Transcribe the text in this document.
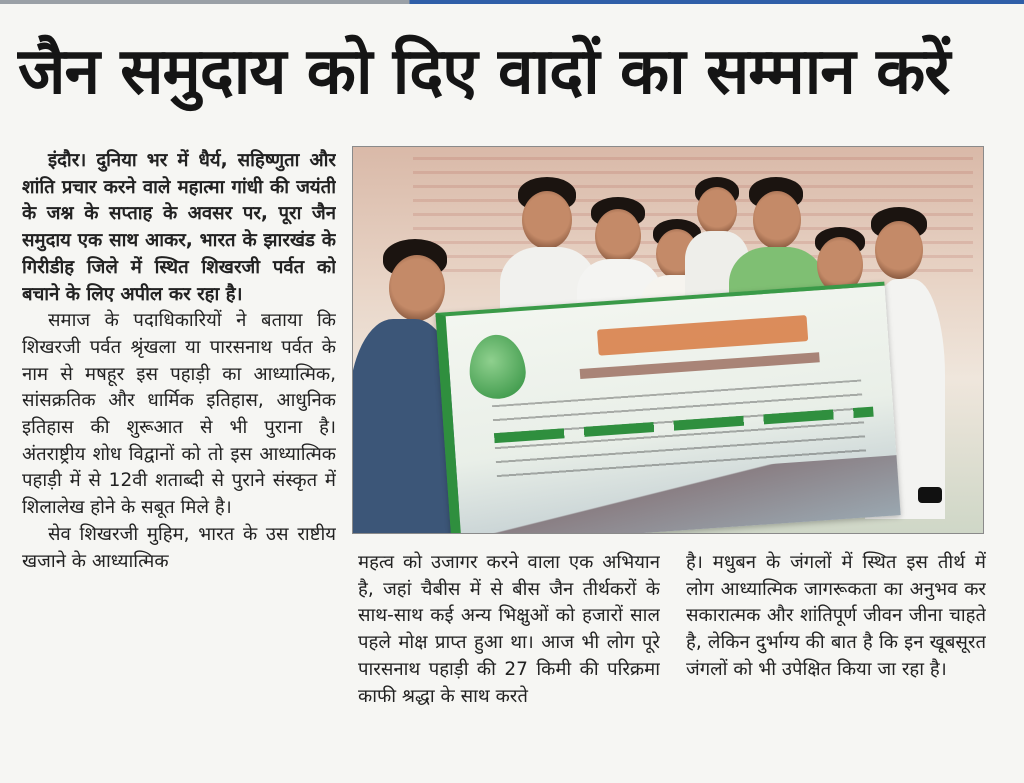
जैन समुदाय को दिए वादों का सम्मान करें

इंदौर। दुनिया भर में धैर्य, सहिष्णुता और शांति प्रचार करने वाले महात्मा गांधी की जयंती के जश्न के सप्ताह के अवसर पर, पूरा जैन समुदाय एक साथ आकर, भारत के झारखंड के गिरीडीह जिले में स्थित शिखरजी पर्वत को बचाने के लिए अपील कर रहा है।

समाज के पदाधिकारियों ने बताया कि शिखरजी पर्वत श्रृंखला या पारसनाथ पर्वत के नाम से मषहूर इस पहाड़ी का आध्यात्मिक, सांसक्रतिक और धार्मिक इतिहास, आधुनिक इतिहास की शुरूआत से भी पुराना है। अंतराष्ट्रीय शोध विद्वानों को तो इस आध्यात्मिक पहाड़ी में से 12वी शताब्दी से पुराने संस्कृत में शिलालेख होने के सबूत मिले है।

सेव शिखरजी मुहिम, भारत के उस राष्टीय खजाने के आध्यात्मिक	महत्व को उजागर करने वाला एक अभियान है, जहां चैबीस में से बीस जैन तीर्थकरों के साथ-साथ कई अन्य भिक्षुओं को हजारों साल पहले मोक्ष प्राप्त हुआ था। आज भी लोग पूरे पारसनाथ पहाड़ी की 27 किमी की परिक्रमा काफी श्रद्धा के साथ करते

है। मधुबन के जंगलों में स्थित इस तीर्थ में लोग आध्यात्मिक जागरूकता का अनुभव कर सकारात्मक और शांतिपूर्ण जीवन जीना चाहते है, लेकिन दुर्भाग्य की बात है कि इन खूबसूरत जंगलों को भी उपेक्षित किया जा रहा है।
